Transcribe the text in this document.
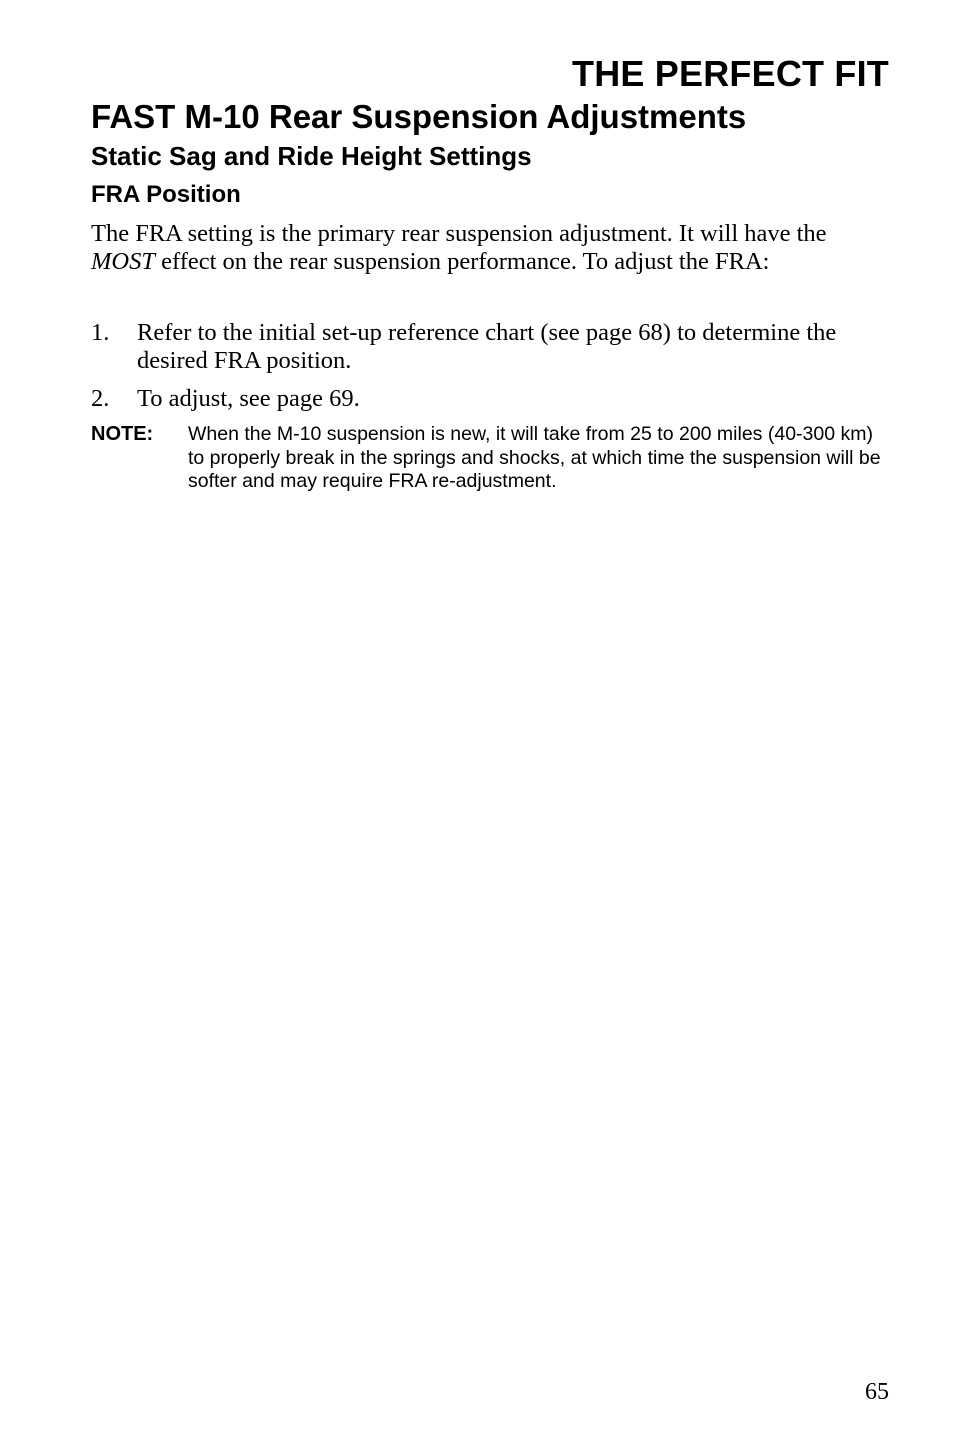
THE PERFECT FIT
FAST M-10 Rear Suspension Adjustments
Static Sag and Ride Height Settings
FRA Position

The FRA setting is the primary rear suspension adjustment. It will have the MOST effect on the rear suspension performance. To adjust the FRA:

1. Refer to the initial set-up reference chart (see page 68) to determine the desired FRA position.
2. To adjust, see page 69.
NOTE: When the M-10 suspension is new, it will take from 25 to 200 miles (40-300 km) to properly break in the springs and shocks, at which time the suspension will be softer and may require FRA re-adjustment.
65
